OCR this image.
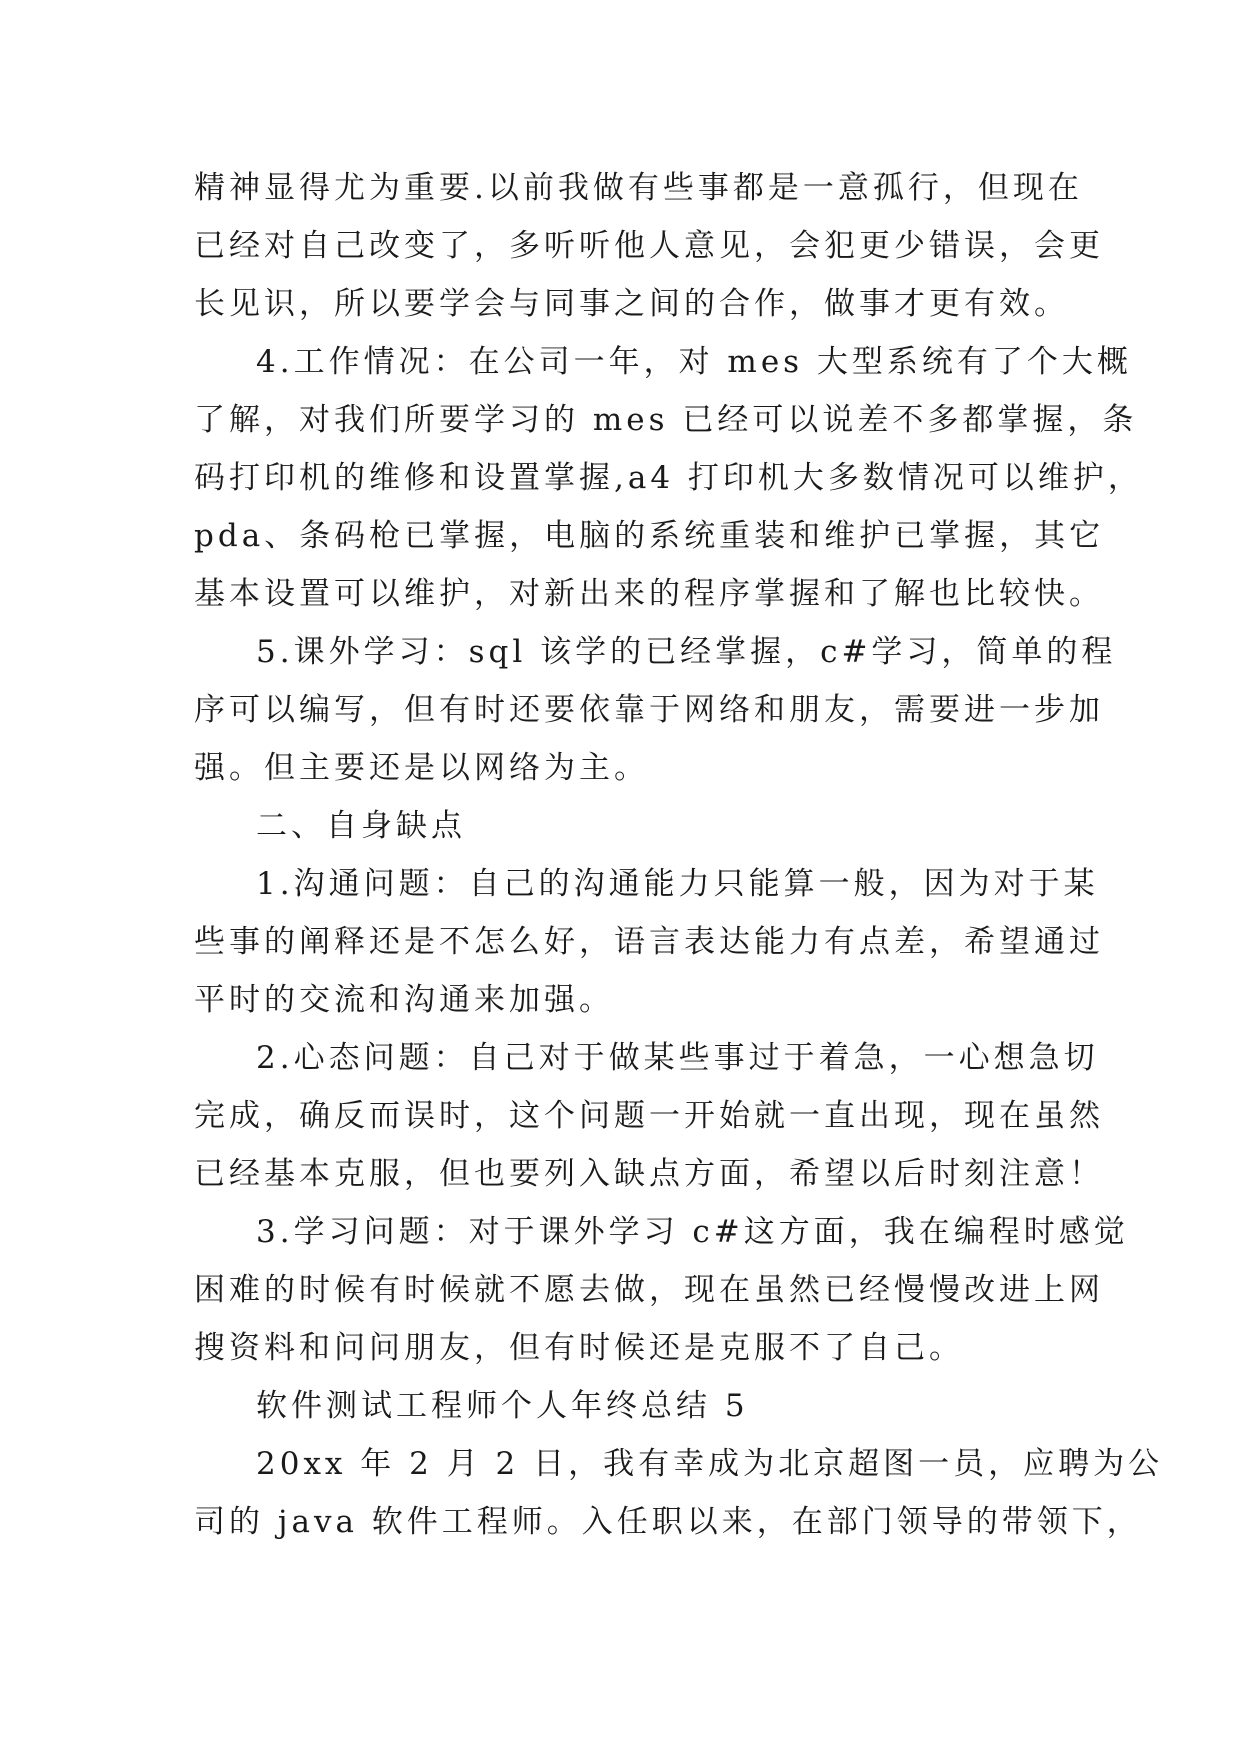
精神显得尤为重要.以前我做有些事都是一意孤行，但现在
已经对自己改变了，多听听他人意见，会犯更少错误，会更
长见识，所以要学会与同事之间的合作，做事才更有效。
4.工作情况：在公司一年，对 mes 大型系统有了个大概
了解，对我们所要学习的 mes 已经可以说差不多都掌握，条
码打印机的维修和设置掌握,a4 打印机大多数情况可以维护，
pda、条码枪已掌握，电脑的系统重装和维护已掌握，其它
基本设置可以维护，对新出来的程序掌握和了解也比较快。
5.课外学习：sql 该学的已经掌握，c#学习，简单的程
序可以编写，但有时还要依靠于网络和朋友，需要进一步加
强。但主要还是以网络为主。
二、自身缺点
1.沟通问题：自己的沟通能力只能算一般，因为对于某
些事的阐释还是不怎么好，语言表达能力有点差，希望通过
平时的交流和沟通来加强。
2.心态问题：自己对于做某些事过于着急，一心想急切
完成，确反而误时，这个问题一开始就一直出现，现在虽然
已经基本克服，但也要列入缺点方面，希望以后时刻注意！
3.学习问题：对于课外学习 c#这方面，我在编程时感觉
困难的时候有时候就不愿去做，现在虽然已经慢慢改进上网
搜资料和问问朋友，但有时候还是克服不了自己。
软件测试工程师个人年终总结 5
20xx 年 2 月 2 日，我有幸成为北京超图一员，应聘为公
司的 java 软件工程师。入任职以来，在部门领导的带领下，
